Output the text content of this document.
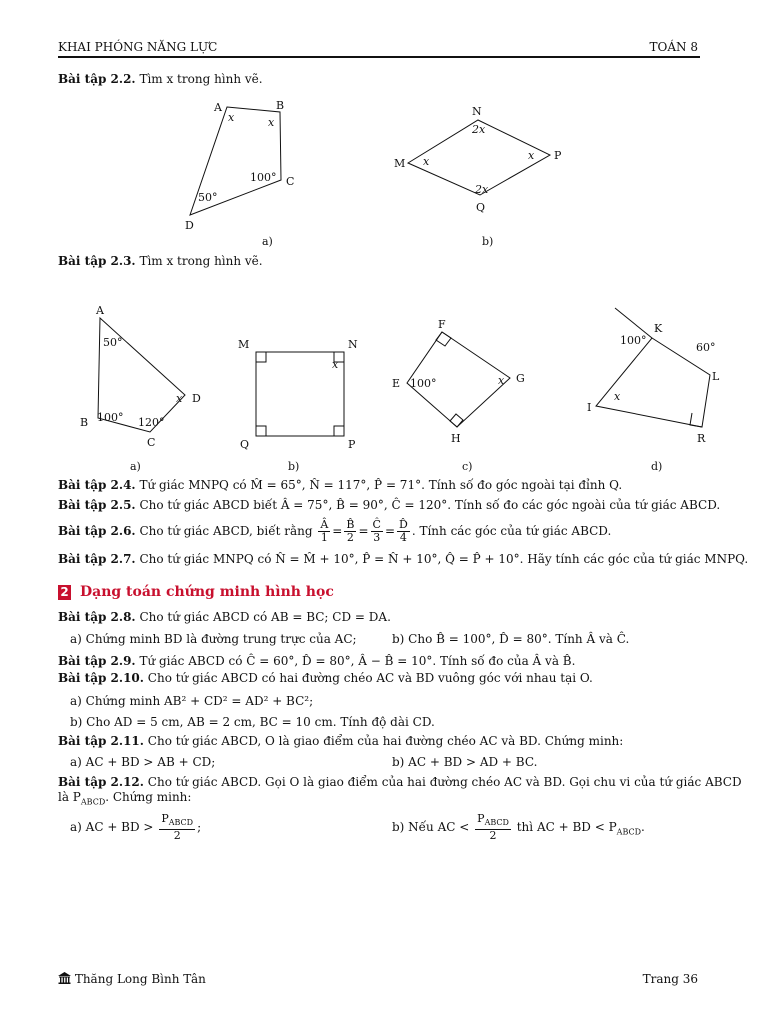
KHAI PHÓNG NĂNG LỰC	TOÁN 8
Bài tập 2.2. Tìm x trong hình vẽ.
A	B
C
D
x	x
100°
50°
a)
N
M
P
Q
2x
x	x
2x
b)
Bài tập 2.3. Tìm x trong hình vẽ.
A
D
C
B
50°
100° 120°
x
a)
M	N
P
Q
x
b)
F
G
H
E 100°	x
c)
K
L
R
I
100°
60°
x
d)
Bài tập 2.4. Tứ giác MNPQ có M̂ = 65°, N̂ = 117°, P̂ = 71°. Tính số đo góc ngoài tại đỉnh Q.
Bài tập 2.5. Cho tứ giác ABCD biết Â = 75°, B̂ = 90°, Ĉ = 120°. Tính số đo các góc ngoài của tứ giác ABCD.
Bài tập 2.6. Cho tứ giác ABCD, biết rằng $\frac{Â}{1} = \frac{B̂}{2} = \frac{Ĉ}{3} = \frac{D̂}{4}$ . Tính các góc của tứ giác ABCD.
Bài tập 2.7. Cho tứ giác MNPQ có N̂ = M̂ + 10°, P̂ = N̂ + 10°, Q̂ = P̂ + 10°. Hãy tính các góc của tứ giác MNPQ.
2 Dạng toán chứng minh hình học
Bài tập 2.8. Cho tứ giác ABCD có AB = BC; CD = DA.
a) Chứng minh BD là đường trung trực của AC;	b) Cho B̂ = 100°, D̂ = 80°. Tính Â và Ĉ.
Bài tập 2.9. Tứ giác ABCD có Ĉ = 60°, D̂ = 80°, Â − B̂ = 10°. Tính số đo của Â và B̂.
Bài tập 2.10. Cho tứ giác ABCD có hai đường chéo AC và BD vuông góc với nhau tại O.
a) Chứng minh AB² + CD² = AD² + BC²;
b) Cho AD = 5 cm, AB = 2 cm, BC = 10 cm. Tính độ dài CD.
Bài tập 2.11. Cho tứ giác ABCD, O là giao điểm của hai đường chéo AC và BD. Chứng minh:
a) AC + BD > AB + CD;	b) AC + BD > AD + BC.
Bài tập 2.12. Cho tứ giác ABCD. Gọi O là giao điểm của hai đường chéo AC và BD. Gọi chu vi của tứ giác ABCD
là $P_{ABCD}$. Chứng minh:
a) AC + BD > $\frac{P_{ABCD}}{2}$ ;	b) Nếu AC < $\frac{P_{ABCD}}{2}$ thì AC + BD < $P_{ABCD}$.
Thăng Long Bình Tân	Trang 36
